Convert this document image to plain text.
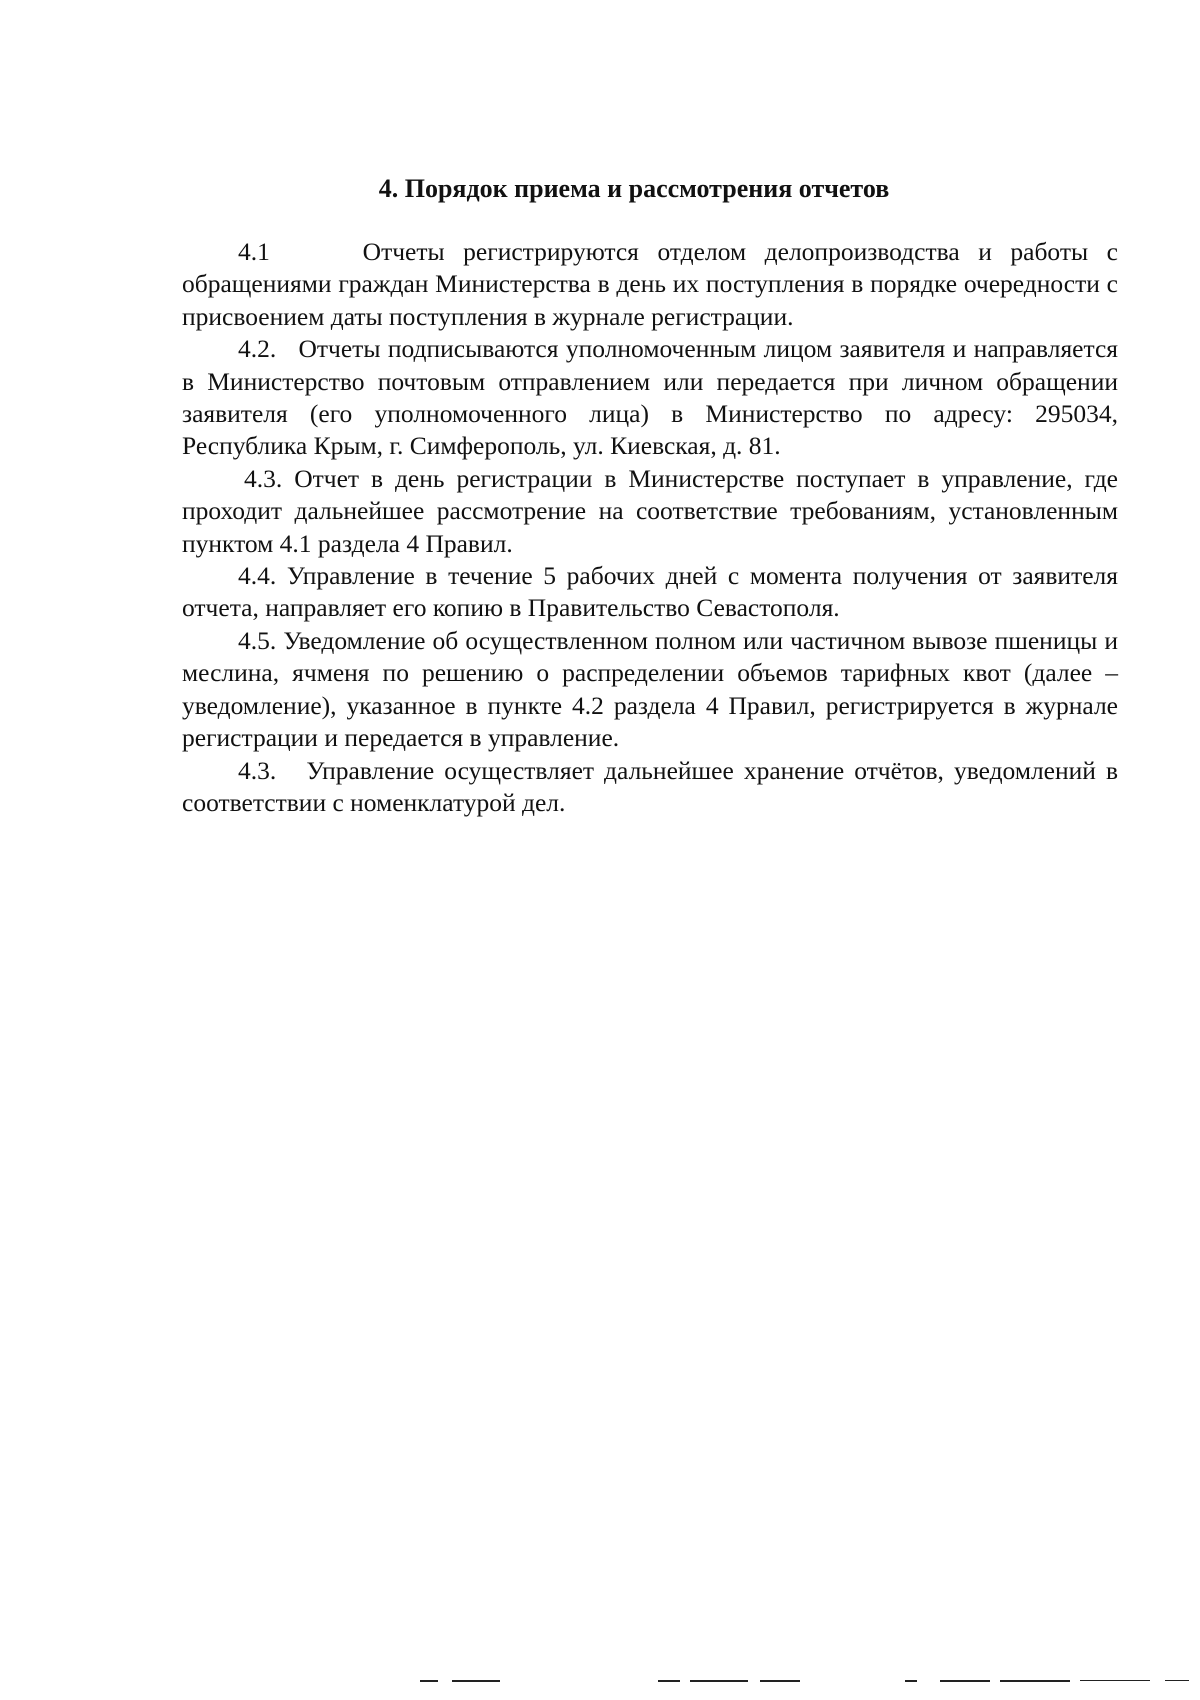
4. Порядок приема и рассмотрения отчетов

4.1     Отчеты регистрируются отделом делопроизводства и работы с обращениями граждан Министерства в день их поступления в порядке очередности с присвоением даты поступления в журнале регистрации.

4.2.   Отчеты подписываются уполномоченным лицом заявителя и направляется в Министерство почтовым отправлением или передается при личном обращении заявителя (его уполномоченного лица) в Министерство по адресу: 295034, Республика Крым, г. Симферополь, ул. Киевская, д. 81.

4.3. Отчет в день регистрации в Министерстве поступает в управление, где проходит дальнейшее рассмотрение на соответствие требованиям, установленным пунктом 4.1 раздела 4 Правил.

4.4. Управление в течение 5 рабочих дней с момента получения от заявителя отчета, направляет его копию в Правительство Севастополя.

4.5. Уведомление об осуществленном полном или частичном вывозе пшеницы и меслина, ячменя по решению о распределении объемов тарифных квот (далее – уведомление), указанное в пункте 4.2 раздела 4 Правил, регистрируется в журнале регистрации и передается в управление.

4.3.   Управление осуществляет дальнейшее хранение отчётов, уведомлений в соответствии с номенклатурой дел.
